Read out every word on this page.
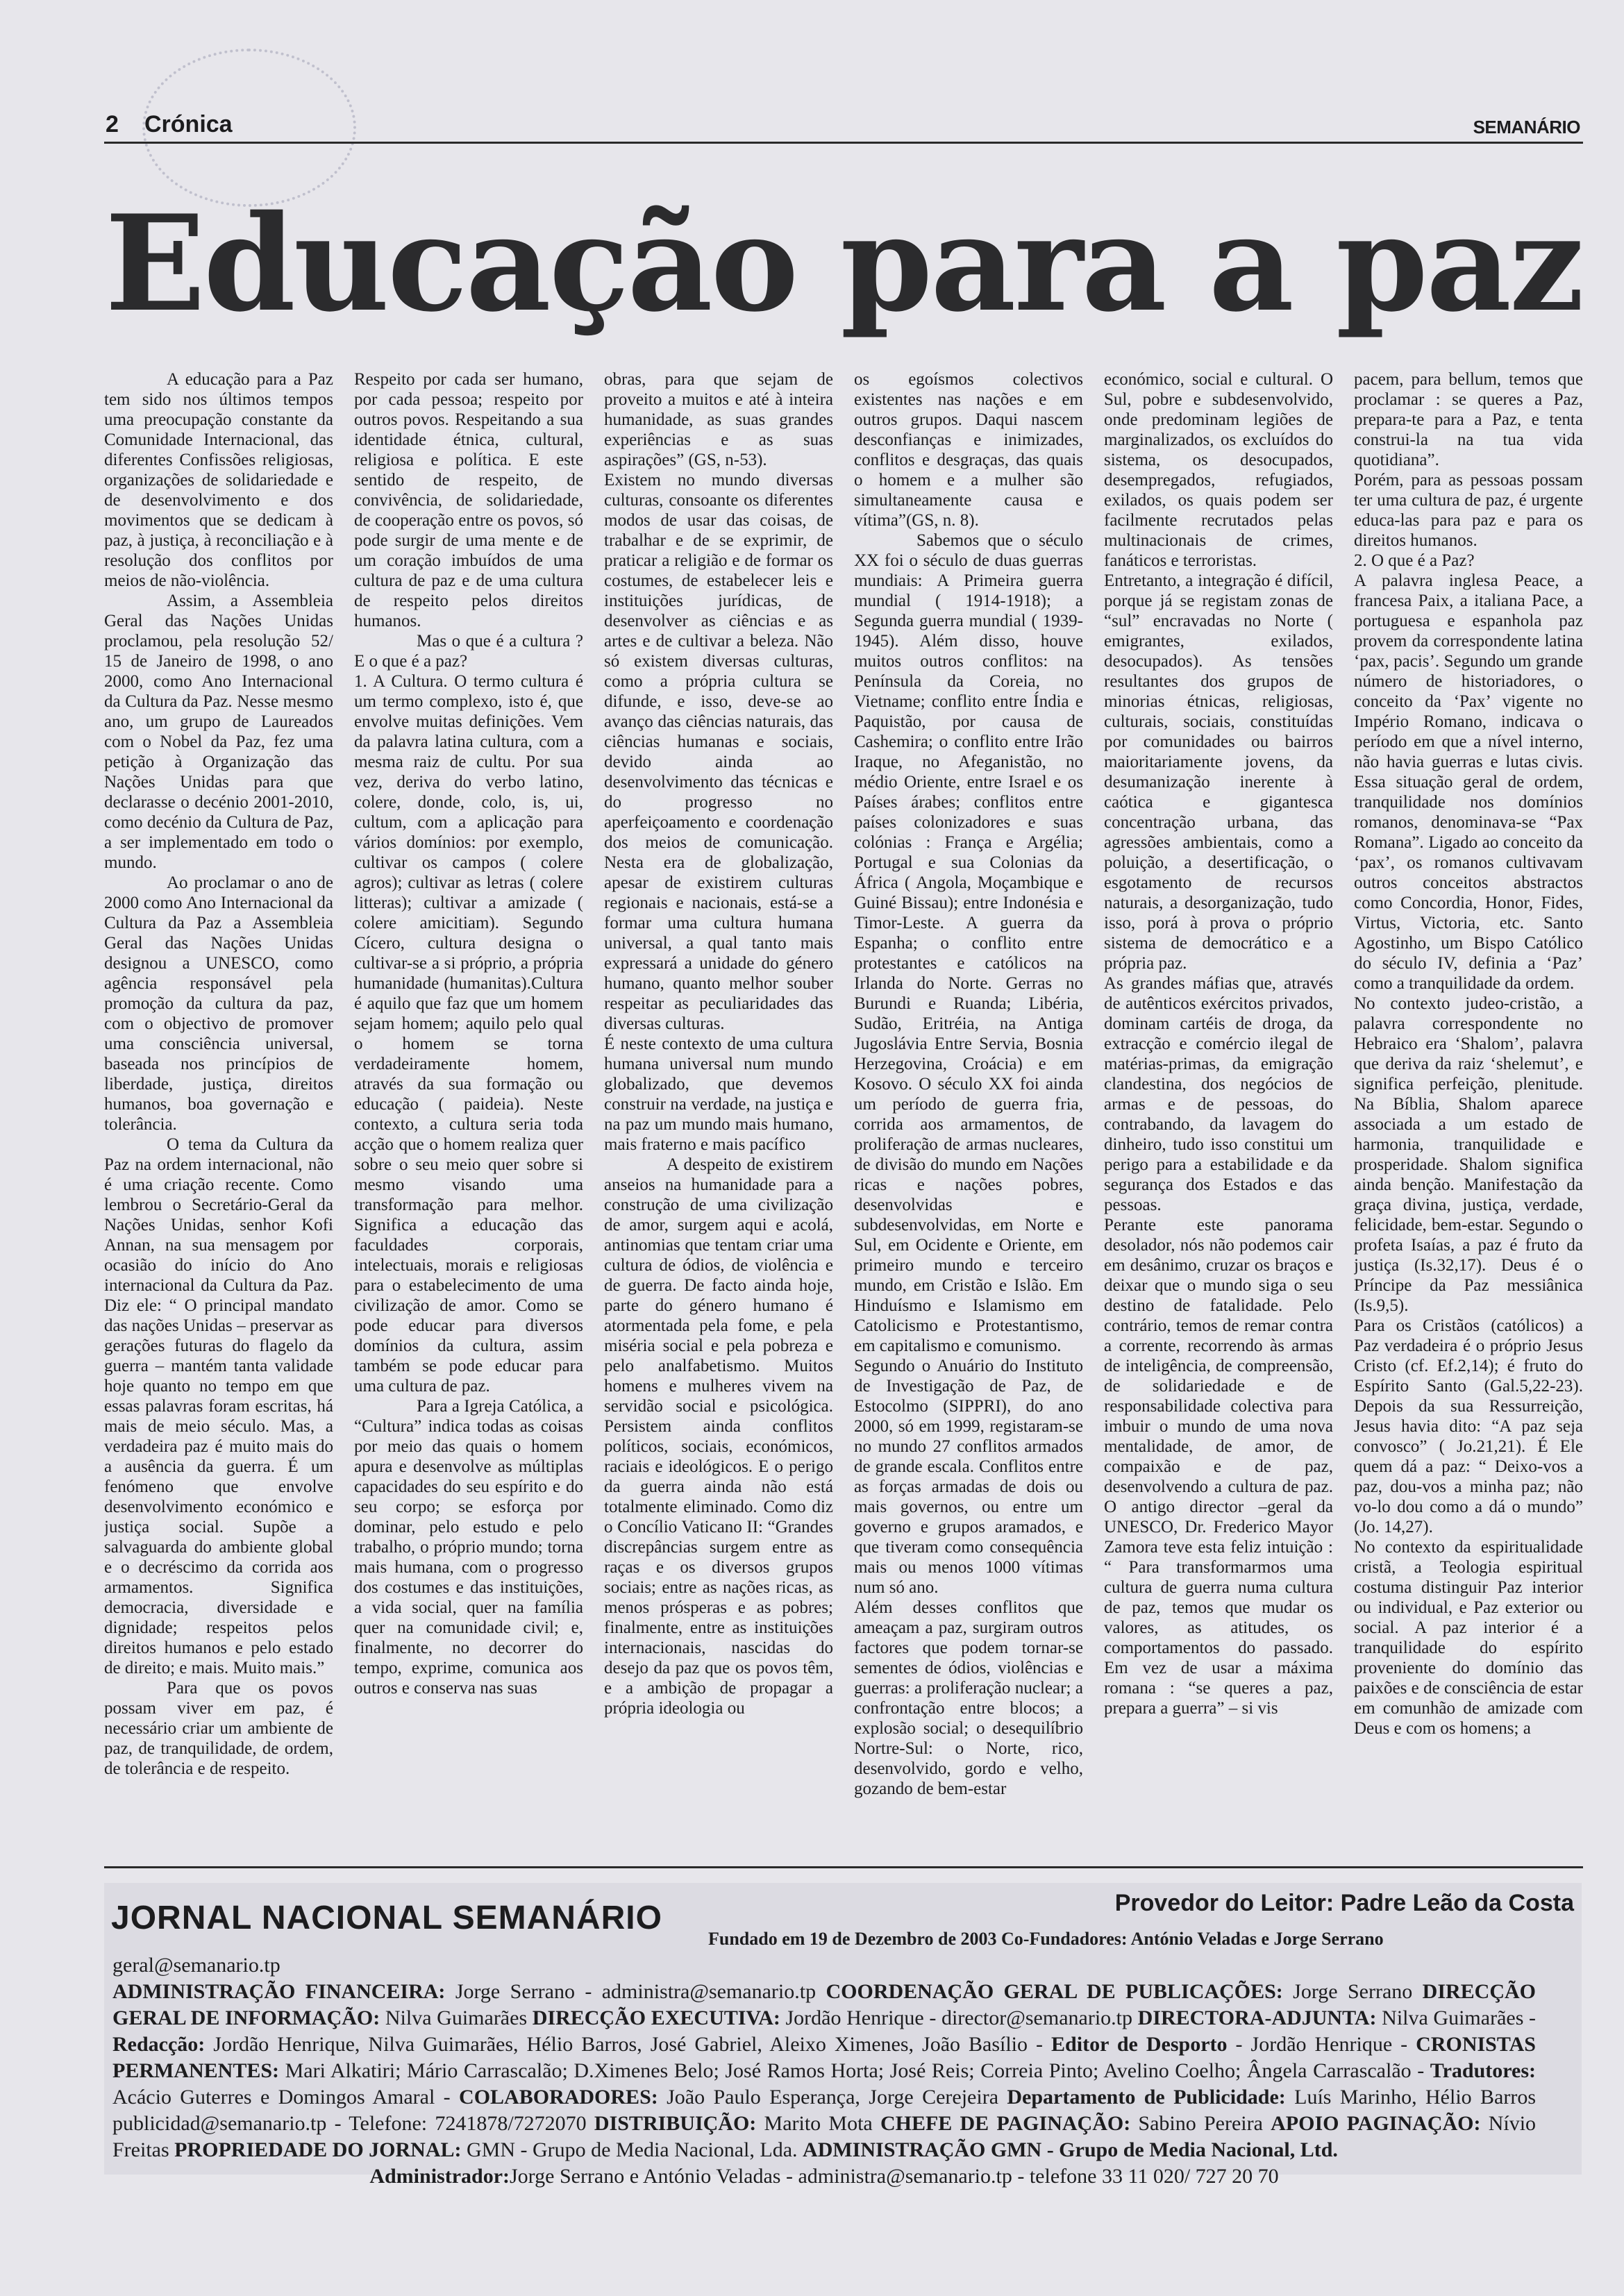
2 Crónica	SEMANÁRIO
Educação para a paz

A educação para a Paz tem sido nos últimos tempos uma preocupação constante da Comunidade Internacional, das diferentes Confissões religiosas, organizações de solidariedade e de desenvolvimento e dos movimentos que se dedicam à paz, à justiça, à reconciliação e à resolução dos conflitos por meios de não-violência.

Assim, a Assembleia Geral das Nações Unidas proclamou, pela resolução 52/ 15 de Janeiro de 1998, o ano 2000, como Ano Internacional da Cultura da Paz. Nesse mesmo ano, um grupo de Laureados com o Nobel da Paz, fez uma petição à Organização das Nações Unidas para que declarasse o decénio 2001-2010, como decénio da Cultura de Paz, a ser implementado em todo o mundo.

Ao proclamar o ano de 2000 como Ano Internacional da Cultura da Paz a Assembleia Geral das Nações Unidas designou a UNESCO, como agência responsável pela promoção da cultura da paz, com o objectivo de promover uma consciência universal, baseada nos princípios de liberdade, justiça, direitos humanos, boa governação e tolerância.

O tema da Cultura da Paz na ordem internacional, não é uma criação recente. Como lembrou o Secretário-Geral da Nações Unidas, senhor Kofi Annan, na sua mensagem por ocasião do início do Ano internacional da Cultura da Paz. Diz ele: “ O principal mandato das nações Unidas – preservar as gerações futuras do flagelo da guerra – mantém tanta validade hoje quanto no tempo em que essas palavras foram escritas, há mais de meio século. Mas, a verdadeira paz é muito mais do a ausência da guerra. É um fenómeno que envolve desenvolvimento económico e justiça social. Supõe a salvaguarda do ambiente global e o decréscimo da corrida aos armamentos. Significa democracia, diversidade e dignidade; respeitos pelos direitos humanos e pelo estado de direito; e mais. Muito mais.”

Para que os povos possam viver em paz, é necessário criar um ambiente de paz, de tranquilidade, de ordem, de tolerância e de respeito.

Respeito por cada ser humano, por cada pessoa; respeito por outros povos. Respeitando a sua identidade étnica, cultural, religiosa e política. E este sentido de respeito, de convivência, de solidariedade, de cooperação entre os povos, só pode surgir de uma mente e de um coração imbuídos de uma cultura de paz e de uma cultura de respeito pelos direitos humanos.

Mas o que é a cultura ? E o que é a paz?

1. A Cultura. O termo cultura é um termo complexo, isto é, que envolve muitas definições. Vem da palavra latina cultura, com a mesma raiz de cultu. Por sua vez, deriva do verbo latino, colere, donde, colo, is, ui, cultum, com a aplicação para vários domínios: por exemplo, cultivar os campos ( colere agros); cultivar as letras ( colere litteras); cultivar a amizade ( colere amicitiam). Segundo Cícero, cultura designa o cultivar-se a si próprio, a própria humanidade (humanitas).Cultura é aquilo que faz que um homem sejam homem; aquilo pelo qual o homem se torna verdadeiramente homem, através da sua formação ou educação ( paideia). Neste contexto, a cultura seria toda acção que o homem realiza quer sobre o seu meio quer sobre si mesmo visando uma transformação para melhor. Significa a educação das faculdades corporais, intelectuais, morais e religiosas para o estabelecimento de uma civilização de amor. Como se pode educar para diversos domínios da cultura, assim também se pode educar para uma cultura de paz.

Para a Igreja Católica, a “Cultura” indica todas as coisas por meio das quais o homem apura e desenvolve as múltiplas capacidades do seu espírito e do seu corpo; se esforça por dominar, pelo estudo e pelo trabalho, o próprio mundo; torna mais humana, com o progresso dos costumes e das instituições, a vida social, quer na família quer na comunidade civil; e, finalmente, no decorrer do tempo, exprime, comunica aos outros e conserva nas suas

obras, para que sejam de proveito a muitos e até à inteira humanidade, as suas grandes experiências e as suas aspirações” (GS, n-53).

Existem no mundo diversas culturas, consoante os diferentes modos de usar das coisas, de trabalhar e de se exprimir, de praticar a religião e de formar os costumes, de estabelecer leis e instituições jurídicas, de desenvolver as ciências e as artes e de cultivar a beleza. Não só existem diversas culturas, como a própria cultura se difunde, e isso, deve-se ao avanço das ciências naturais, das ciências humanas e sociais, devido ainda ao desenvolvimento das técnicas e do progresso no aperfeiçoamento e coordenação dos meios de comunicação. Nesta era de globalização, apesar de existirem culturas regionais e nacionais, está-se a formar uma cultura humana universal, a qual tanto mais expressará a unidade do género humano, quanto melhor souber respeitar as peculiaridades das diversas culturas.

É neste contexto de uma cultura humana universal num mundo globalizado, que devemos construir na verdade, na justiça e na paz um mundo mais humano, mais fraterno e mais pacífico

A despeito de existirem anseios na humanidade para a construção de uma civilização de amor, surgem aqui e acolá, antinomias que tentam criar uma cultura de ódios, de violência e de guerra. De facto ainda hoje, parte do género humano é atormentada pela fome, e pela miséria social e pela pobreza e pelo analfabetismo. Muitos homens e mulheres vivem na servidão social e psicológica. Persistem ainda conflitos políticos, sociais, económicos, raciais e ideológicos. E o perigo da guerra ainda não está totalmente eliminado. Como diz o Concílio Vaticano II: “Grandes discrepâncias surgem entre as raças e os diversos grupos sociais; entre as nações ricas, as menos prósperas e as pobres; finalmente, entre as instituições internacionais, nascidas do desejo da paz que os povos têm, e a ambição de propagar a própria ideologia ou

os egoísmos colectivos existentes nas nações e em outros grupos. Daqui nascem desconfianças e inimizades, conflitos e desgraças, das quais o homem e a mulher são simultaneamente causa e vítima”(GS, n. 8).

Sabemos que o século XX foi o século de duas guerras mundiais: A Primeira guerra mundial ( 1914-1918); a Segunda guerra mundial ( 1939-1945). Além disso, houve muitos outros conflitos: na Península da Coreia, no Vietname; conflito entre Índia e Paquistão, por causa de Cashemira; o conflito entre Irão Iraque, no Afeganistão, no médio Oriente, entre Israel e os Países árabes; conflitos entre países colonizadores e suas colónias : França e Argélia; Portugal e sua Colonias da África ( Angola, Moçambique e Guiné Bissau); entre Indonésia e Timor-Leste. A guerra da Espanha; o conflito entre protestantes e católicos na Irlanda do Norte. Gerras no Burundi e Ruanda; Libéria, Sudão, Eritréia, na Antiga Jugoslávia Entre Servia, Bosnia Herzegovina, Croácia) e em Kosovo. O século XX foi ainda um período de guerra fria, corrida aos armamentos, de proliferação de armas nucleares, de divisão do mundo em Nações ricas e nações pobres, desenvolvidas e subdesenvolvidas, em Norte e Sul, em Ocidente e Oriente, em primeiro mundo e terceiro mundo, em Cristão e Islão. Em Hinduísmo e Islamismo em Catolicismo e Protestantismo, em capitalismo e comunismo.

Segundo o Anuário do Instituto de Investigação de Paz, de Estocolmo (SIPPRI), do ano 2000, só em 1999, registaram-se no mundo 27 conflitos armados de grande escala. Conflitos entre as forças armadas de dois ou mais governos, ou entre um governo e grupos aramados, e que tiveram como consequência mais ou menos 1000 vítimas num só ano.

Além desses conflitos que ameaçam a paz, surgiram outros factores que podem tornar-se sementes de ódios, violências e guerras: a proliferação nuclear; a confrontação entre blocos; a explosão social; o desequilíbrio Nortre-Sul: o Norte, rico, desenvolvido, gordo e velho, gozando de bem-estar

económico, social e cultural. O Sul, pobre e subdesenvolvido, onde predominam legiões de marginalizados, os excluídos do sistema, os desocupados, desempregados, refugiados, exilados, os quais podem ser facilmente recrutados pelas multinacionais de crimes, fanáticos e terroristas.

Entretanto, a integração é difícil, porque já se registam zonas de “sul” encravadas no Norte ( emigrantes, exilados, desocupados). As tensões resultantes dos grupos de minorias étnicas, religiosas, culturais, sociais, constituídas por comunidades ou bairros maioritariamente jovens, da desumanização inerente à caótica e gigantesca concentração urbana, das agressões ambientais, como a poluição, a desertificação, o esgotamento de recursos naturais, a desorganização, tudo isso, porá à prova o próprio sistema de democrático e a própria paz.

As grandes máfias que, através de autênticos exércitos privados, dominam cartéis de droga, da extracção e comércio ilegal de matérias-primas, da emigração clandestina, dos negócios de armas e de pessoas, do contrabando, da lavagem do dinheiro, tudo isso constitui um perigo para a estabilidade e da segurança dos Estados e das pessoas.

Perante este panorama desolador, nós não podemos cair em desânimo, cruzar os braços e deixar que o mundo siga o seu destino de fatalidade. Pelo contrário, temos de remar contra a corrente, recorrendo às armas de inteligência, de compreensão, de solidariedade e de responsabilidade colectiva para imbuir o mundo de uma nova mentalidade, de amor, de compaixão e de paz, desenvolvendo a cultura de paz. O antigo director –geral da UNESCO, Dr. Frederico Mayor Zamora teve esta feliz intuição : “ Para transformarmos uma cultura de guerra numa cultura de paz, temos que mudar os valores, as atitudes, os comportamentos do passado. Em vez de usar a máxima romana : “se queres a paz, prepara a guerra” – si vis

pacem, para bellum, temos que proclamar : se queres a Paz, prepara-te para a Paz, e tenta construi-la na tua vida quotidiana”.

Porém, para as pessoas possam ter uma cultura de paz, é urgente educa-las para paz e para os direitos humanos.

2. O que é a Paz?

A palavra inglesa Peace, a francesa Paix, a italiana Pace, a portuguesa e espanhola paz provem da correspondente latina ‘pax, pacis’. Segundo um grande número de historiadores, o conceito da ‘Pax’ vigente no Império Romano, indicava o período em que a nível interno, não havia guerras e lutas civis. Essa situação geral de ordem, tranquilidade nos domínios romanos, denominava-se “Pax Romana”. Ligado ao conceito da ‘pax’, os romanos cultivavam outros conceitos abstractos como Concordia, Honor, Fides, Virtus, Victoria, etc. Santo Agostinho, um Bispo Católico do século IV, definia a ‘Paz’ como a tranquilidade da ordem.

No contexto judeo-cristão, a palavra correspondente no Hebraico era ‘Shalom’, palavra que deriva da raiz ‘shelemut’, e significa perfeição, plenitude. Na Bíblia, Shalom aparece associada a um estado de harmonia, tranquilidade e prosperidade. Shalom significa ainda benção. Manifestação da graça divina, justiça, verdade, felicidade, bem-estar. Segundo o profeta Isaías, a paz é fruto da justiça (Is.32,17). Deus é o Príncipe da Paz messiânica (Is.9,5).

Para os Cristãos (católicos) a Paz verdadeira é o próprio Jesus Cristo (cf. Ef.2,14); é fruto do Espírito Santo (Gal.5,22-23). Depois da sua Ressurreição, Jesus havia dito: “A paz seja convosco” ( Jo.21,21). É Ele quem dá a paz: “ Deixo-vos a paz, dou-vos a minha paz; não vo-lo dou como a dá o mundo” (Jo. 14,27).

No contexto da espiritualidade cristã, a Teologia espiritual costuma distinguir Paz interior ou individual, e Paz exterior ou social. A paz interior é a tranquilidade do espírito proveniente do domínio das paixões e de consciência de estar em comunhão de amizade com Deus e com os homens; a

JORNAL NACIONAL SEMANÁRIO	Provedor do Leitor: Padre Leão da Costa
Fundado em 19 de Dezembro de 2003 Co-Fundadores: António Veladas e Jorge Serrano
geral@semanario.tp
ADMINISTRAÇÃO FINANCEIRA: Jorge Serrano - administra@semanario.tp COORDENAÇÃO GERAL DE PUBLICAÇÕES: Jorge Serrano DIRECÇÃO GERAL DE INFORMAÇÃO: Nilva Guimarães DIRECÇÃO EXECUTIVA: Jordão Henrique - director@semanario.tp DIRECTORA-ADJUNTA: Nilva Guimarães - Redacção: Jordão Henrique, Nilva Guimarães, Hélio Barros, José Gabriel, Aleixo Ximenes, João Basílio - Editor de Desporto - Jordão Henrique - CRONISTAS PERMANENTES: Mari Alkatiri; Mário Carrascalão; D.Ximenes Belo; José Ramos Horta; José Reis; Correia Pinto; Avelino Coelho; Ângela Carrascalão - Tradutores: Acácio Guterres e Domingos Amaral - COLABORADORES: João Paulo Esperança, Jorge Cerejeira Departamento de Publicidade: Luís Marinho, Hélio Barros publicidad@semanario.tp - Telefone: 7241878/7272070 DISTRIBUIÇÃO: Marito Mota CHEFE DE PAGINAÇÃO: Sabino Pereira APOIO PAGINAÇÃO: Nívio Freitas PROPRIEDADE DO JORNAL: GMN - Grupo de Media Nacional, Lda. ADMINISTRAÇÃO GMN - Grupo de Media Nacional, Ltd.
Administrador:Jorge Serrano e António Veladas - administra@semanario.tp - telefone 33 11 020/ 727 20 70
